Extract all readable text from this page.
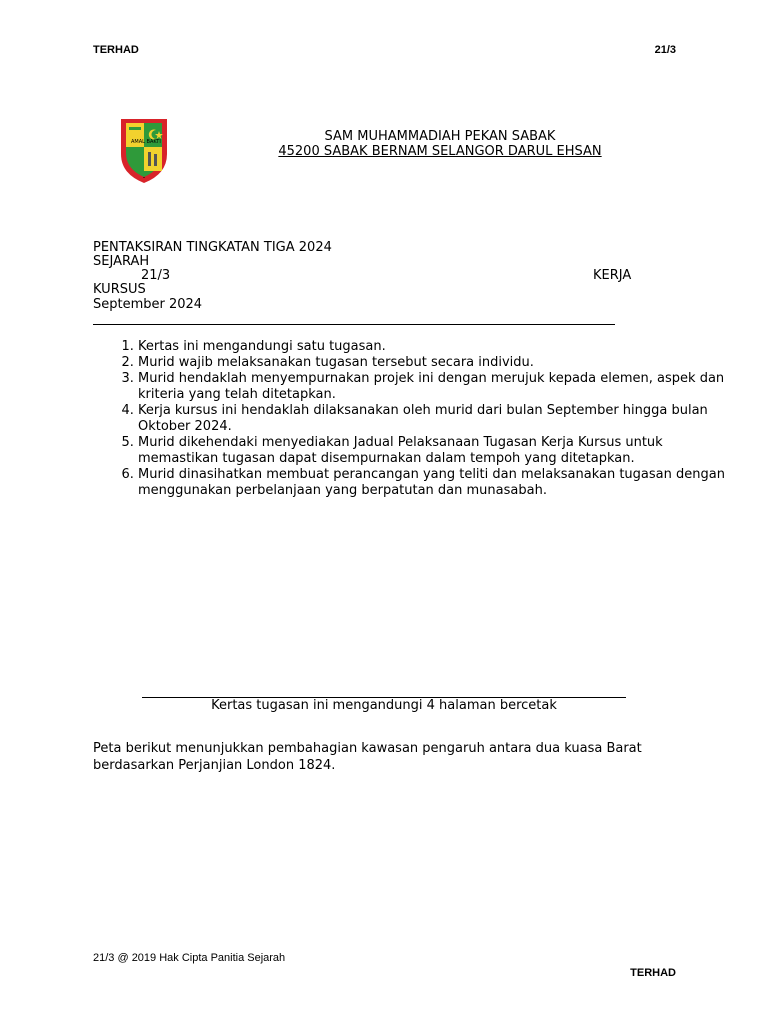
TERHAD	21/3
AMAL BAKTI	SAM MUHAMMADIAH PEKAN SABAK
45200 SABAK BERNAM SELANGOR DARUL EHSAN
PENTAKSIRAN TINGKATAN TIGA 2024
SEJARAH
21/3	KERJA
KURSUS
September 2024
1. Kertas ini mengandungi satu tugasan.
2. Murid wajib melaksanakan tugasan tersebut secara individu.
3. Murid hendaklah menyempurnakan projek ini dengan merujuk kepada elemen, aspek dan kriteria yang telah ditetapkan.
4. Kerja kursus ini hendaklah dilaksanakan oleh murid dari bulan September hingga bulan Oktober 2024.
5. Murid dikehendaki menyediakan Jadual Pelaksanaan Tugasan Kerja Kursus untuk memastikan tugasan dapat disempurnakan dalam tempoh yang ditetapkan.
6. Murid dinasihatkan membuat perancangan yang teliti dan melaksanakan tugasan dengan menggunakan perbelanjaan yang berpatutan dan munasabah.
Kertas tugasan ini mengandungi 4 halaman bercetak
Peta berikut menunjukkan pembahagian kawasan pengaruh antara dua kuasa Barat
berdasarkan Perjanjian London 1824.
21/3 @ 2019 Hak Cipta Panitia Sejarah
TERHAD
